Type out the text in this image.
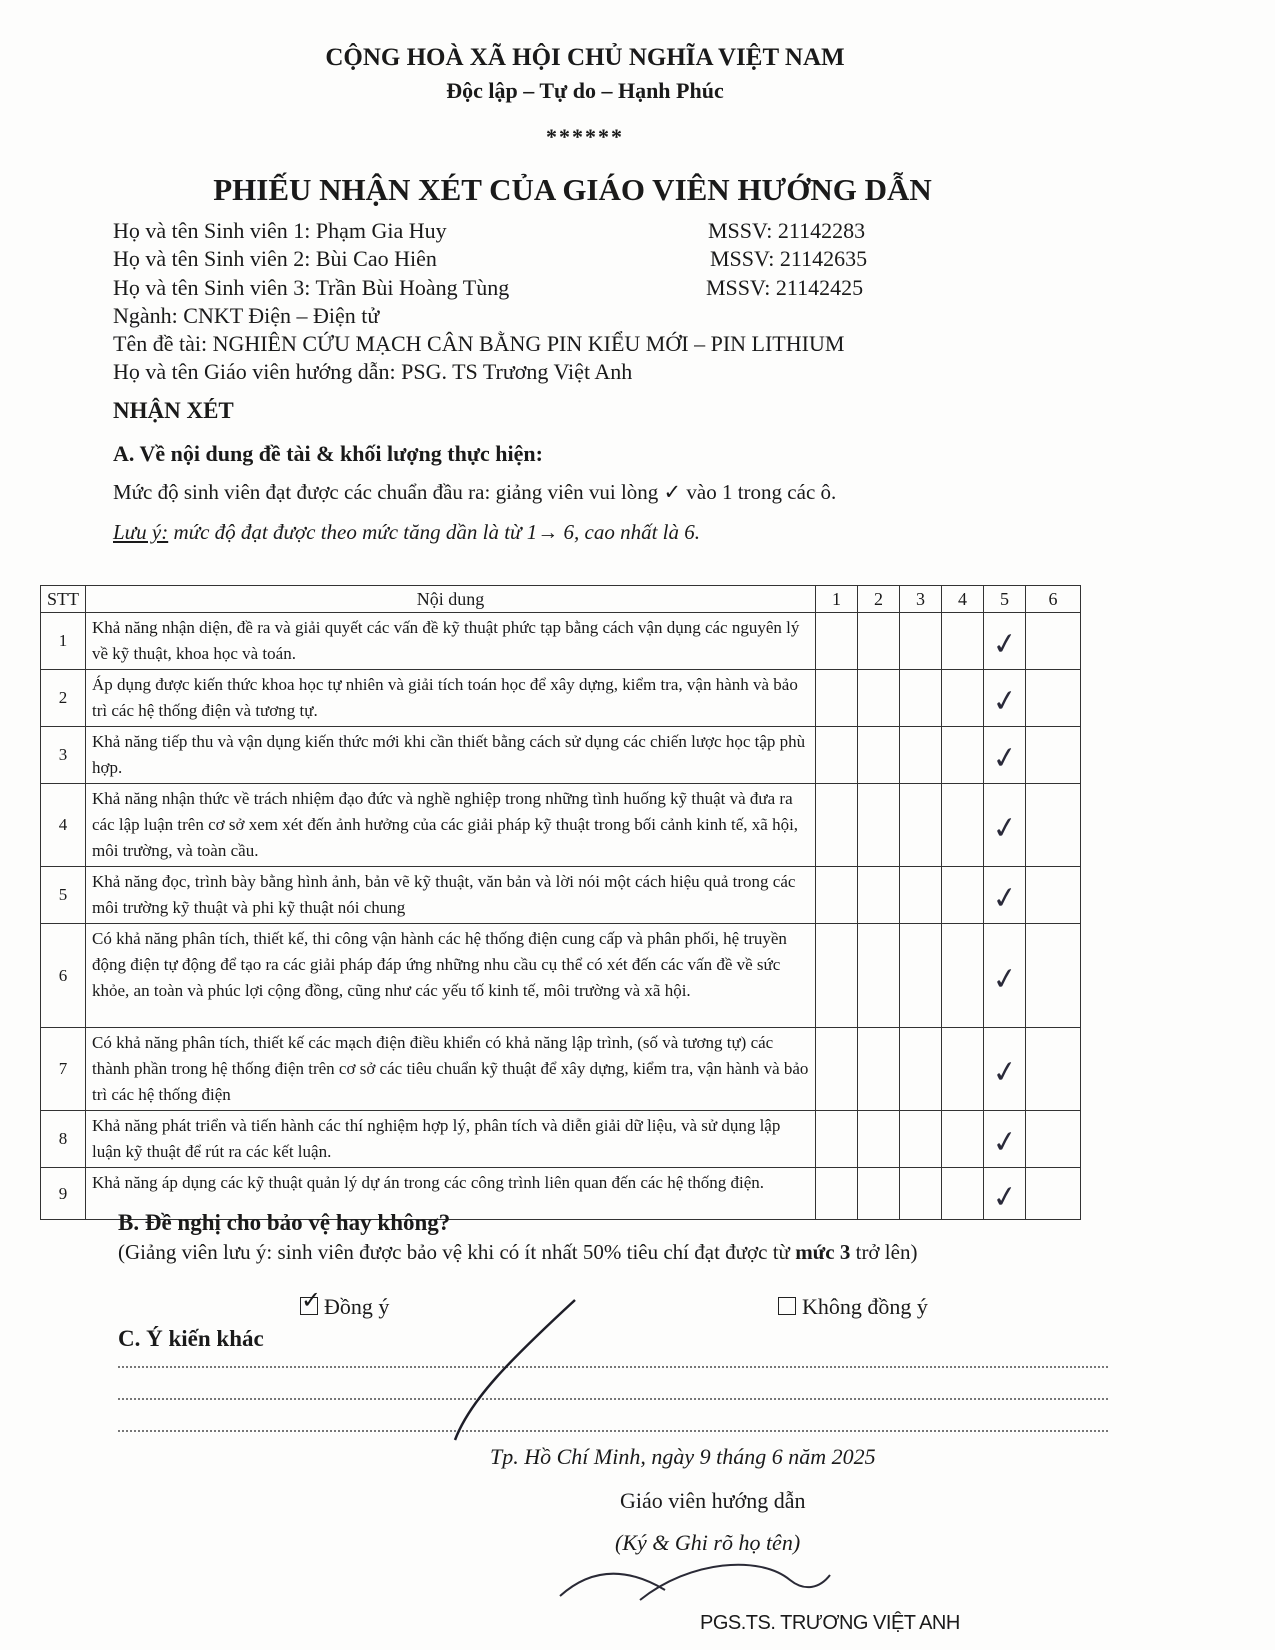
CỘNG HOÀ XÃ HỘI CHỦ NGHĨA VIỆT NAM
Độc lập – Tự do – Hạnh Phúc
******
PHIẾU NHẬN XÉT CỦA GIÁO VIÊN HƯỚNG DẪN
Họ và tên Sinh viên 1: Phạm Gia Huy	MSSV: 21142283
Họ và tên Sinh viên 2: Bùi Cao Hiên	MSSV: 21142635
Họ và tên Sinh viên 3: Trần Bùi Hoàng Tùng	MSSV: 21142425
Ngành: CNKT Điện – Điện tử
Tên đề tài: NGHIÊN CỨU MẠCH CÂN BẰNG PIN KIỂU MỚI – PIN LITHIUM
Họ và tên Giáo viên hướng dẫn: PSG. TS Trương Việt Anh
NHẬN XÉT
A. Về nội dung đề tài & khối lượng thực hiện:
Mức độ sinh viên đạt được các chuẩn đầu ra: giảng viên vui lòng ✓ vào 1 trong các ô.
Lưu ý: mức độ đạt được theo mức tăng dần là từ 1→ 6, cao nhất là 6.
STT	Nội dung	1	2	3	4	5	6
1	Khả năng nhận diện, đề ra và giải quyết các vấn đề kỹ thuật phức tạp bằng cách vận dụng các nguyên lý về kỹ thuật, khoa học và toán.					✓	

2	Áp dụng được kiến thức khoa học tự nhiên và giải tích toán học để xây dựng, kiểm tra, vận hành và bảo trì các hệ thống điện và tương tự.					✓	

3	Khả năng tiếp thu và vận dụng kiến thức mới khi cần thiết bằng cách sử dụng các chiến lược học tập phù hợp.					✓	

4	Khả năng nhận thức về trách nhiệm đạo đức và nghề nghiệp trong những tình huống kỹ thuật và đưa ra các lập luận trên cơ sở xem xét đến ảnh hưởng của các giải pháp kỹ thuật trong bối cảnh kinh tế, xã hội, môi trường, và toàn cầu.					✓	

5	Khả năng đọc, trình bày bằng hình ảnh, bản vẽ kỹ thuật, văn bản và lời nói một cách hiệu quả trong các môi trường kỹ thuật và phi kỹ thuật nói chung					✓	

6	Có khả năng phân tích, thiết kế, thi công vận hành các hệ thống điện cung cấp và phân phối, hệ truyền động điện tự động để tạo ra các giải pháp đáp ứng những nhu cầu cụ thể có xét đến các vấn đề về sức khỏe, an toàn và phúc lợi cộng đồng, cũng như các yếu tố kinh tế, môi trường và xã hội.					✓	

7	Có khả năng phân tích, thiết kế các mạch điện điều khiển có khả năng lập trình, (số và tương tự) các thành phần trong hệ thống điện trên cơ sở các tiêu chuẩn kỹ thuật để xây dựng, kiểm tra, vận hành và bảo trì các hệ thống điện					✓	

8	Khả năng phát triển và tiến hành các thí nghiệm hợp lý, phân tích và diễn giải dữ liệu, và sử dụng lập luận kỹ thuật để rút ra các kết luận.					✓	

9	Khả năng áp dụng các kỹ thuật quản lý dự án trong các công trình liên quan đến các hệ thống điện.					✓	

B. Đề nghị cho bảo vệ hay không?
(Giảng viên lưu ý: sinh viên được bảo vệ khi có ít nhất 50% tiêu chí đạt được từ mức 3 trở lên)
✓ Đồng ý	Không đồng ý
C. Ý kiến khác
Tp. Hồ Chí Minh, ngày 9 tháng 6 năm 2025
Giáo viên hướng dẫn
(Ký & Ghi rõ họ tên)
PGS.TS. TRƯƠNG VIỆT ANH
